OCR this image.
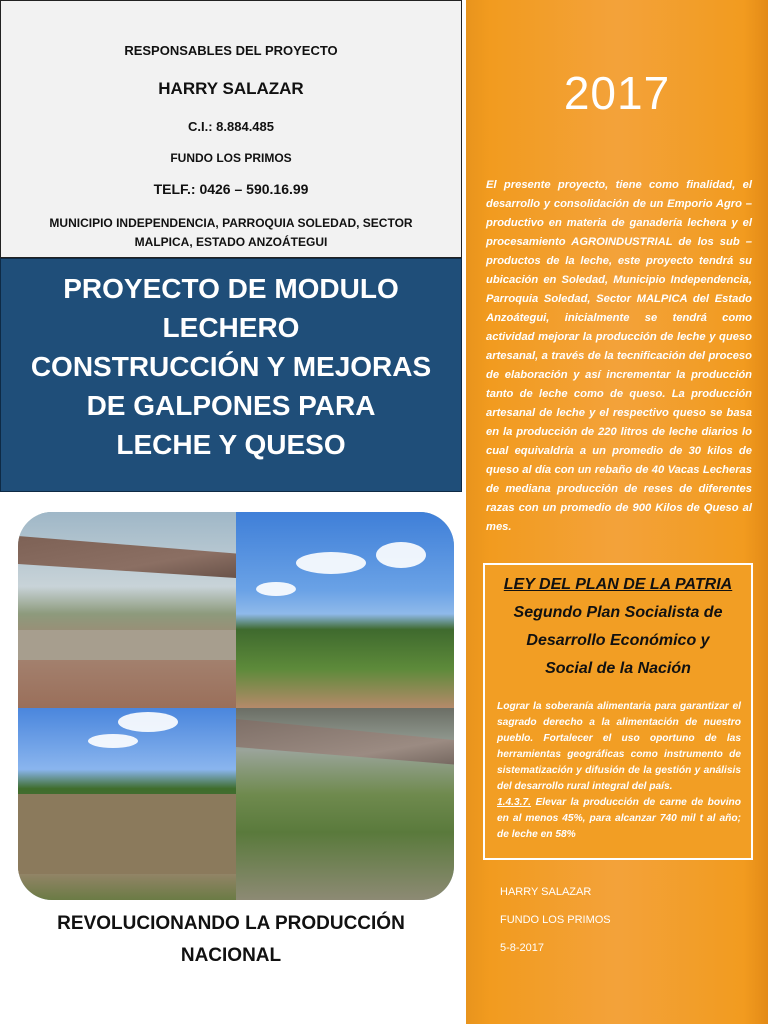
RESPONSABLES DEL PROYECTO
HARRY SALAZAR
C.I.: 8.884.485
FUNDO LOS PRIMOS
TELF.: 0426 – 590.16.99
MUNICIPIO INDEPENDENCIA, PARROQUIA SOLEDAD, SECTOR MALPICA, ESTADO ANZOÁTEGUI
PROYECTO DE MODULO
LECHERO
CONSTRUCCIÓN Y MEJORAS
DE GALPONES PARA
LECHE Y QUESO
REVOLUCIONANDO LA PRODUCCIÓN
NACIONAL
2017
El presente proyecto, tiene como finalidad, el desarrollo y consolidación de un Emporio Agro – productivo en materia de ganadería lechera y el procesamiento AGROINDUSTRIAL de los sub – productos de la leche, este proyecto tendrá su ubicación en Soledad, Municipio Independencia, Parroquia Soledad, Sector MALPICA del Estado Anzoátegui, inicialmente se tendrá como actividad mejorar la producción de leche y queso artesanal, a través de la tecnificación del proceso de elaboración y así incrementar la producción tanto de leche como de queso. La producción artesanal de leche y el respectivo queso se basa en la producción de 220 litros de leche diarios lo cual equivaldría a un promedio de 30 kilos de queso al día con un rebaño de 40 Vacas Lecheras de mediana producción de reses de diferentes razas con un promedio de 900 Kilos de Queso al mes.
LEY DEL PLAN DE LA PATRIA
Segundo Plan Socialista de
Desarrollo Económico y
Social de la Nación
Lograr la soberanía alimentaria para garantizar el sagrado derecho a la alimentación de nuestro pueblo. Fortalecer el uso oportuno de las herramientas geográficas como instrumento de sistematización y difusión de la gestión y análisis del desarrollo rural integral del país.
1.4.3.7. Elevar la producción de carne de bovino en al menos 45%, para alcanzar 740 mil t al año; de leche en 58%
HARRY SALAZAR
FUNDO LOS PRIMOS
5-8-2017
